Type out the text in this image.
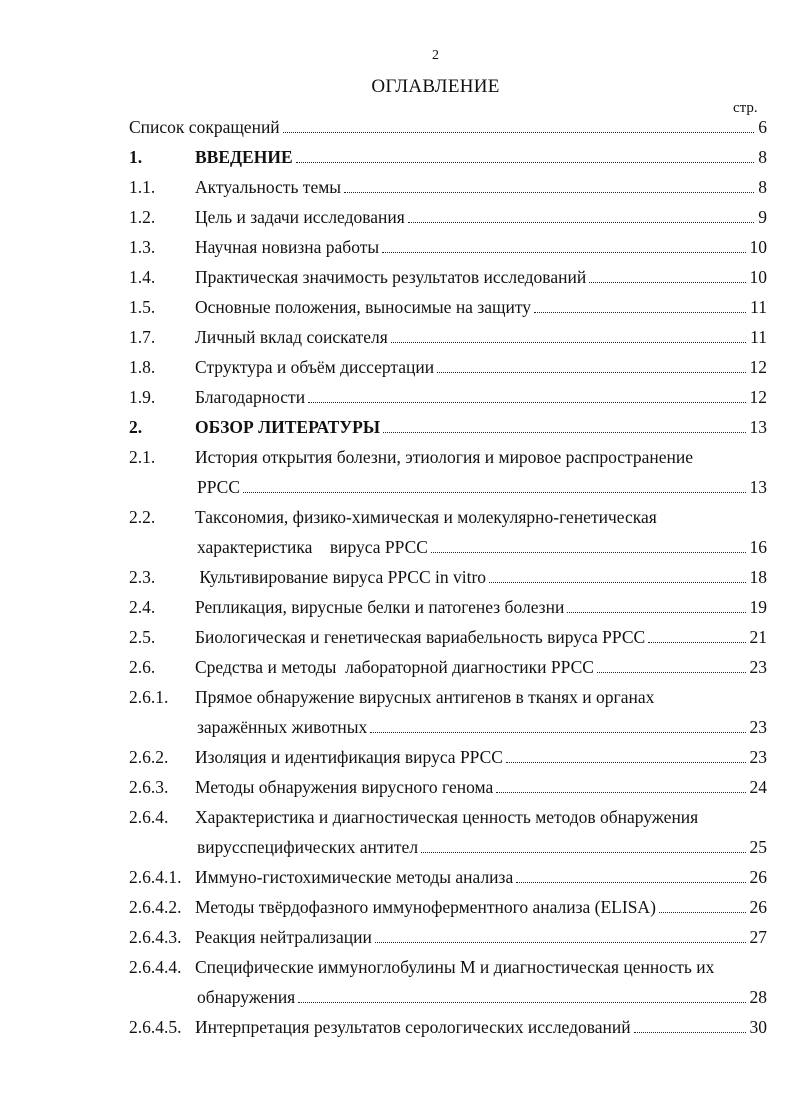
2
ОГЛАВЛЕНИЕ
стр.
Список сокращений	6
1.	ВВЕДЕНИЕ	8
1.1. Актуальность темы	8
1.2. Цель и задачи исследования	9
1.3. Научная новизна работы	10
1.4. Практическая значимость результатов исследований	10
1.5. Основные положения, выносимые на защиту	11
1.7. Личный вклад соискателя	11
1.8. Структура и объём диссертации	12
1.9. Благодарности	12
2.	ОБЗОР ЛИТЕРАТУРЫ	13
2.1. История открытия болезни, этиология и мировое распространение
РРСС	13
2.2. Таксономия, физико-химическая и молекулярно-генетическая
характеристика    вируса РРСС	16
2.3. Культивирование вируса РРСС in vitro	18
2.4. Репликация, вирусные белки и патогенез болезни	19
2.5. Биологическая и генетическая вариабельность вируса РРСС	21
2.6. Средства и методы  лабораторной диагностики РРСС	23
2.6.1. Прямое обнаружение вирусных антигенов в тканях и органах
заражённых животных	23
2.6.2. Изоляция и идентификация вируса РРСС	23
2.6.3. Методы обнаружения вирусного генома	24
2.6.4. Характеристика и диагностическая ценность методов обнаружения
вирусспецифических антител	25
2.6.4.1. Иммуно-гистохимические методы анализа	26
2.6.4.2. Методы твёрдофазного иммуноферментного анализа (ELISA)	26
2.6.4.3. Реакция нейтрализации	27
2.6.4.4. Специфические иммуноглобулины М и диагностическая ценность их
обнаружения	28
2.6.4.5. Интерпретация результатов серологических исследований	30
